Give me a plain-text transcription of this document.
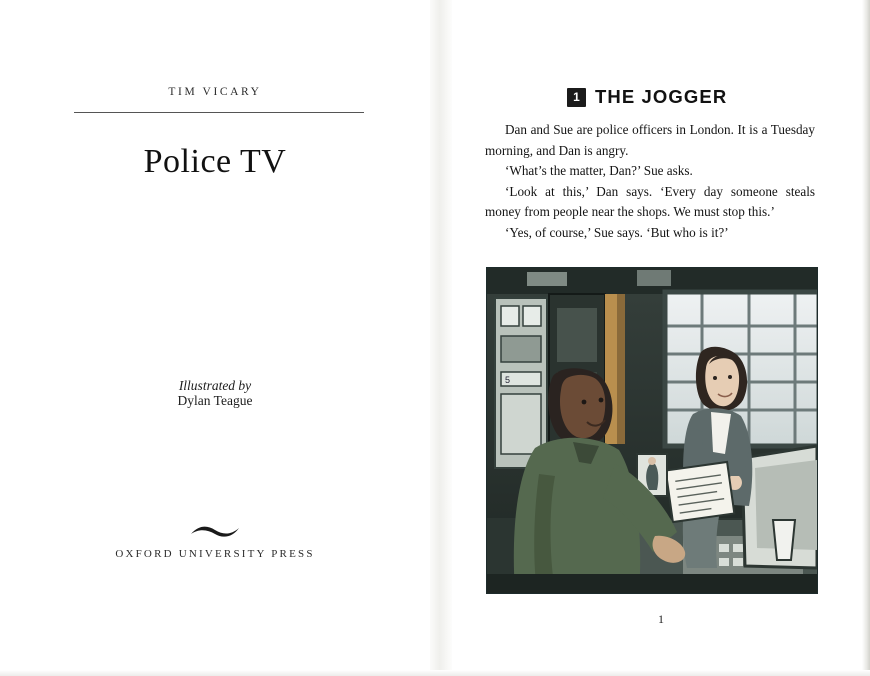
TIM VICARY
Police TV
Illustrated by
Dylan Teague
OXFORD UNIVERSITY PRESS
1 THE JOGGER

Dan and Sue are police officers in London. It is a Tuesday morning, and Dan is angry.

‘What’s the matter, Dan?’ Sue asks.

‘Look at this,’ Dan says. ‘Every day someone steals money from people near the shops. We must stop this.’

‘Yes, of course,’ Sue says. ‘But who is it?’

5
1
